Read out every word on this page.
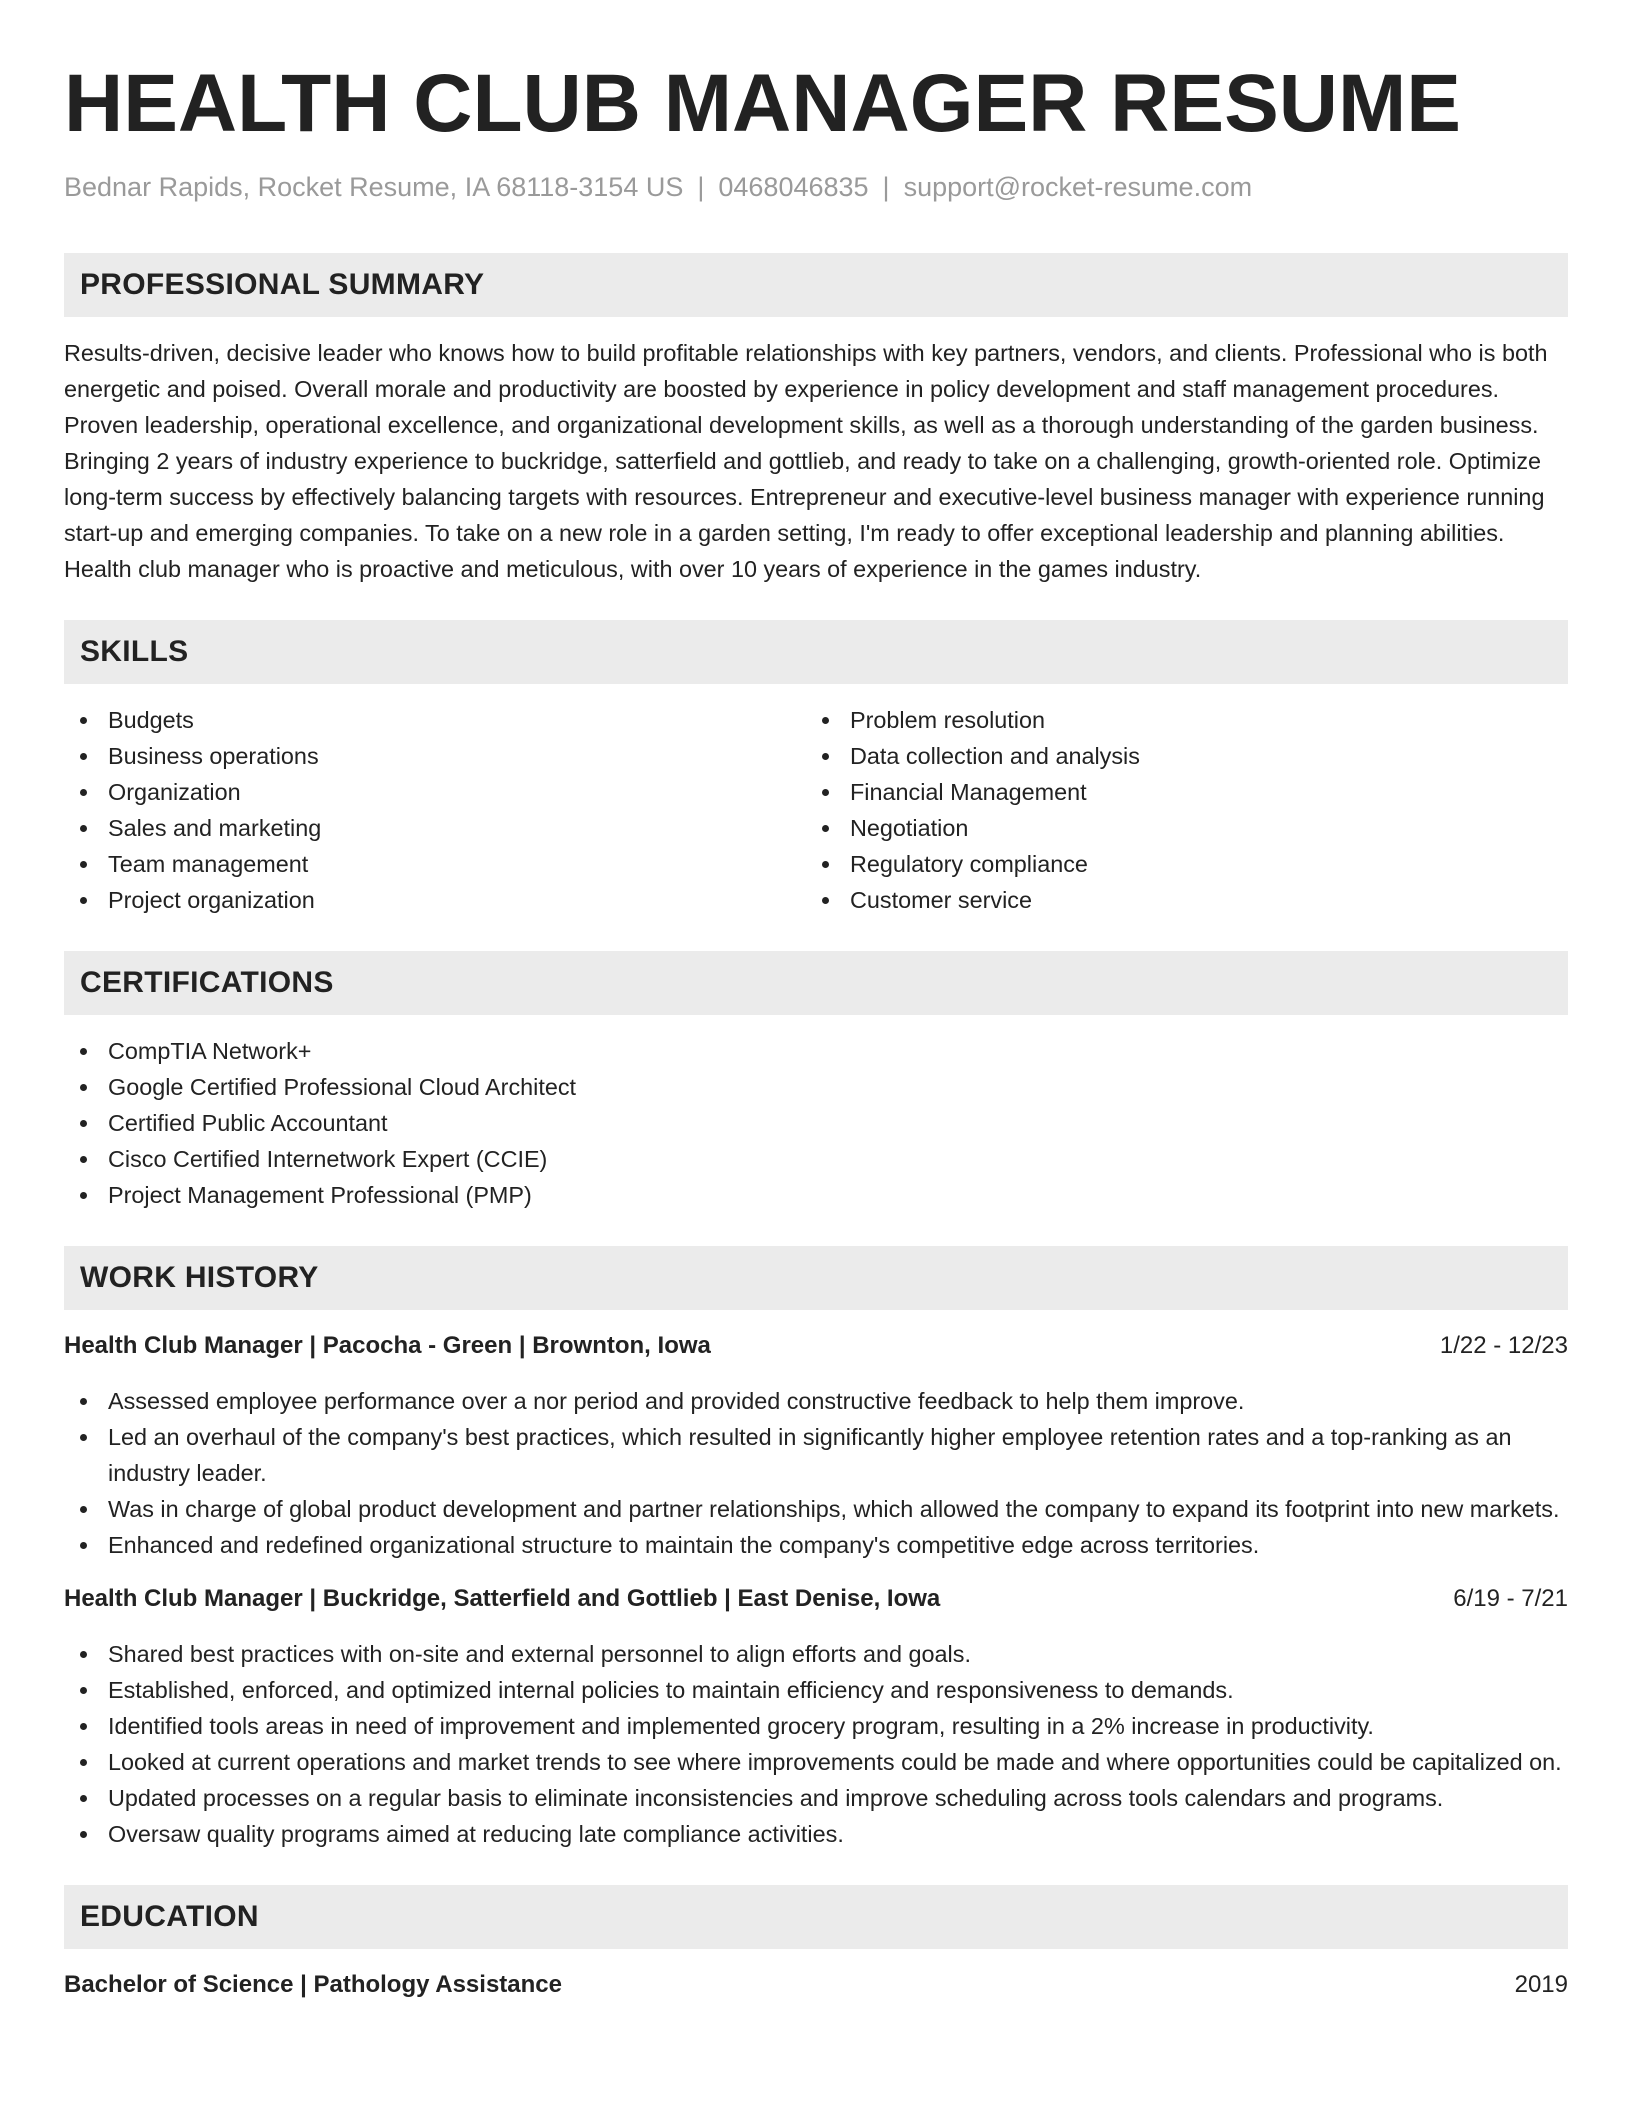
HEALTH CLUB MANAGER RESUME
Bednar Rapids, Rocket Resume, IA 68118-3154 US | 0468046835 | support@rocket-resume.com
PROFESSIONAL SUMMARY

Results-driven, decisive leader who knows how to build profitable relationships with key partners, vendors, and clients. Professional who is both energetic and poised. Overall morale and productivity are boosted by experience in policy development and staff management procedures. Proven leadership, operational excellence, and organizational development skills, as well as a thorough understanding of the garden business. Bringing 2 years of industry experience to buckridge, satterfield and gottlieb, and ready to take on a challenging, growth-oriented role. Optimize long-term success by effectively balancing targets with resources. Entrepreneur and executive-level business manager with experience running start-up and emerging companies. To take on a new role in a garden setting, I'm ready to offer exceptional leadership and planning abilities. Health club manager who is proactive and meticulous, with over 10 years of experience in the games industry.

SKILLS
Budgets
Business operations
Organization
Sales and marketing
Team management
Project organization
Problem resolution
Data collection and analysis
Financial Management
Negotiation
Regulatory compliance
Customer service
CERTIFICATIONS
CompTIA Network+
Google Certified Professional Cloud Architect
Certified Public Accountant
Cisco Certified Internetwork Expert (CCIE)
Project Management Professional (PMP)
WORK HISTORY
Health Club Manager | Pacocha - Green | Brownton, Iowa	1/22 - 12/23
Assessed employee performance over a nor period and provided constructive feedback to help them improve.
Led an overhaul of the company's best practices, which resulted in significantly higher employee retention rates and a top-ranking as an industry leader.
Was in charge of global product development and partner relationships, which allowed the company to expand its footprint into new markets.
Enhanced and redefined organizational structure to maintain the company's competitive edge across territories.
Health Club Manager | Buckridge, Satterfield and Gottlieb | East Denise, Iowa	6/19 - 7/21
Shared best practices with on-site and external personnel to align efforts and goals.
Established, enforced, and optimized internal policies to maintain efficiency and responsiveness to demands.
Identified tools areas in need of improvement and implemented grocery program, resulting in a 2% increase in productivity.
Looked at current operations and market trends to see where improvements could be made and where opportunities could be capitalized on.
Updated processes on a regular basis to eliminate inconsistencies and improve scheduling across tools calendars and programs.
Oversaw quality programs aimed at reducing late compliance activities.
EDUCATION
Bachelor of Science | Pathology Assistance	2019
